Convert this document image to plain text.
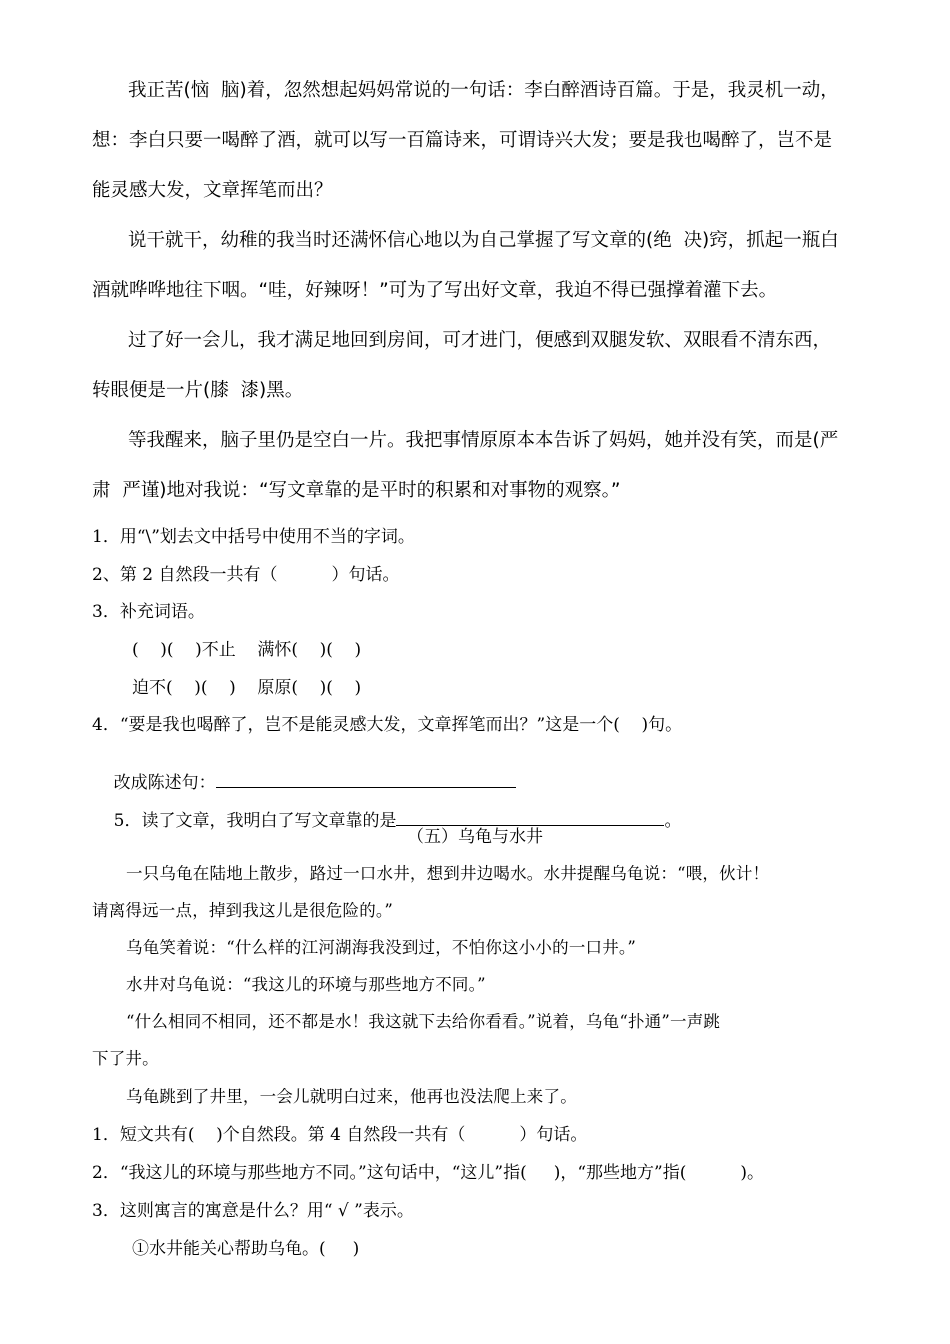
我正苦(恼  脑)着，忽然想起妈妈常说的一句话：李白醉酒诗百篇。于是，我灵机一动，
想：李白只要一喝醉了酒，就可以写一百篇诗来，可谓诗兴大发；要是我也喝醉了，岂不是
能灵感大发，文章挥笔而出？
说干就干，幼稚的我当时还满怀信心地以为自己掌握了写文章的(绝  决)窍，抓起一瓶白
酒就哗哗地往下咽。“哇，好辣呀！”可为了写出好文章，我迫不得已强撑着灌下去。
过了好一会儿，我才满足地回到房间，可才进门，便感到双腿发软、双眼看不清东西，
转眼便是一片(膝  漆)黑。
等我醒来，脑子里仍是空白一片。我把事情原原本本告诉了妈妈，她并没有笑，而是(严
肃  严谨)地对我说：“写文章靠的是平时的积累和对事物的观察。”
1．用“\”划去文中括号中使用不当的字词。
2、第 2 自然段一共有（          ）句话。
3．补充词语。
(    )(    )不止    满怀(    )(    )
迫不(    )(    )    原原(    )(    )
4．“要是我也喝醉了，岂不是能灵感大发，文章挥笔而出？”这是一个(    )句。

改成陈述句：

5．读了文章，我明白了写文章靠的是	。

（五）乌龟与水井
一只乌龟在陆地上散步，路过一口水井，想到井边喝水。水井提醒乌龟说：“喂，伙计！
请离得远一点，掉到我这儿是很危险的。”
乌龟笑着说：“什么样的江河湖海我没到过，不怕你这小小的一口井。”
水井对乌龟说：“我这儿的环境与那些地方不同。”
“什么相同不相同，还不都是水！我这就下去给你看看。”说着，乌龟“扑通”一声跳
下了井。
乌龟跳到了井里，一会儿就明白过来，他再也没法爬上来了。
1．短文共有(    )个自然段。第 4 自然段一共有（          ）句话。
2．“我这儿的环境与那些地方不同。”这句话中，“这儿”指(     )，“那些地方”指(          )。
3．这则寓言的寓意是什么？用“ √ ”表示。
①水井能关心帮助乌龟。(     )
